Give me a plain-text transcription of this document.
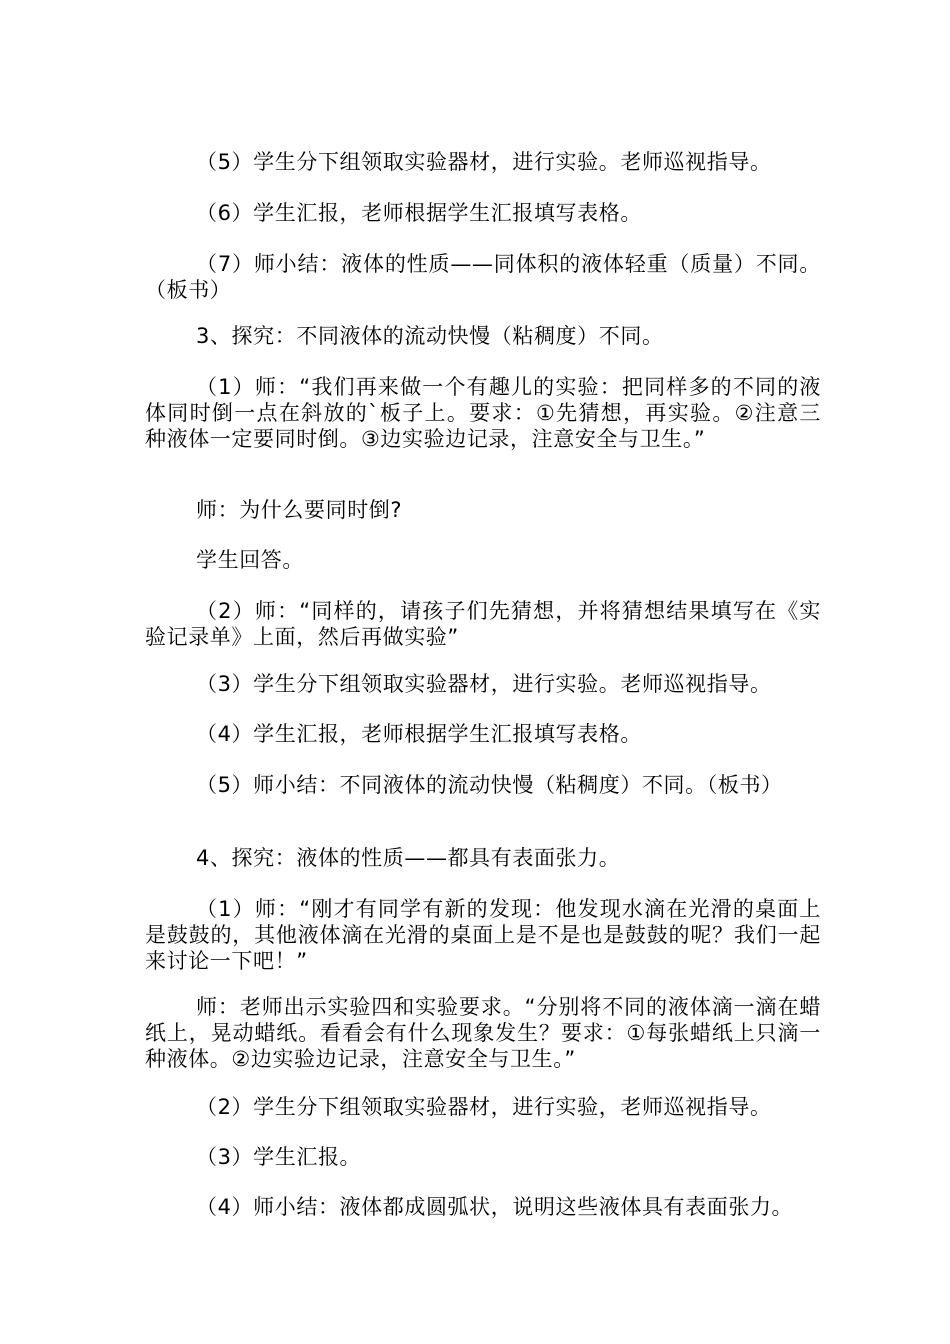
（5）学生分下组领取实验器材，进行实验。老师巡视指导。

（6）学生汇报，老师根据学生汇报填写表格。

（7）师小结：液体的性质——同体积的液体轻重（质量）不同。（板书）

3、探究：不同液体的流动快慢（粘稠度）不同。

（1）师：“我们再来做一个有趣儿的实验：把同样多的不同的液体同时倒一点在斜放的`板子上。要求：①先猜想，再实验。②注意三种液体一定要同时倒。③边实验边记录，注意安全与卫生。”

师：为什么要同时倒?

学生回答。

（2）师：“同样的，请孩子们先猜想，并将猜想结果填写在《实验记录单》上面，然后再做实验”

（3）学生分下组领取实验器材，进行实验。老师巡视指导。

（4）学生汇报，老师根据学生汇报填写表格。

（5）师小结：不同液体的流动快慢（粘稠度）不同。（板书）

4、探究：液体的性质——都具有表面张力。

（1）师：“刚才有同学有新的发现：他发现水滴在光滑的桌面上是鼓鼓的，其他液体滴在光滑的桌面上是不是也是鼓鼓的呢？我们一起来讨论一下吧！”

师：老师出示实验四和实验要求。“分别将不同的液体滴一滴在蜡纸上，晃动蜡纸。看看会有什么现象发生？要求：①每张蜡纸上只滴一种液体。②边实验边记录，注意安全与卫生。”

（2）学生分下组领取实验器材，进行实验，老师巡视指导。

（3）学生汇报。

（4）师小结：液体都成圆弧状，说明这些液体具有表面张力。
